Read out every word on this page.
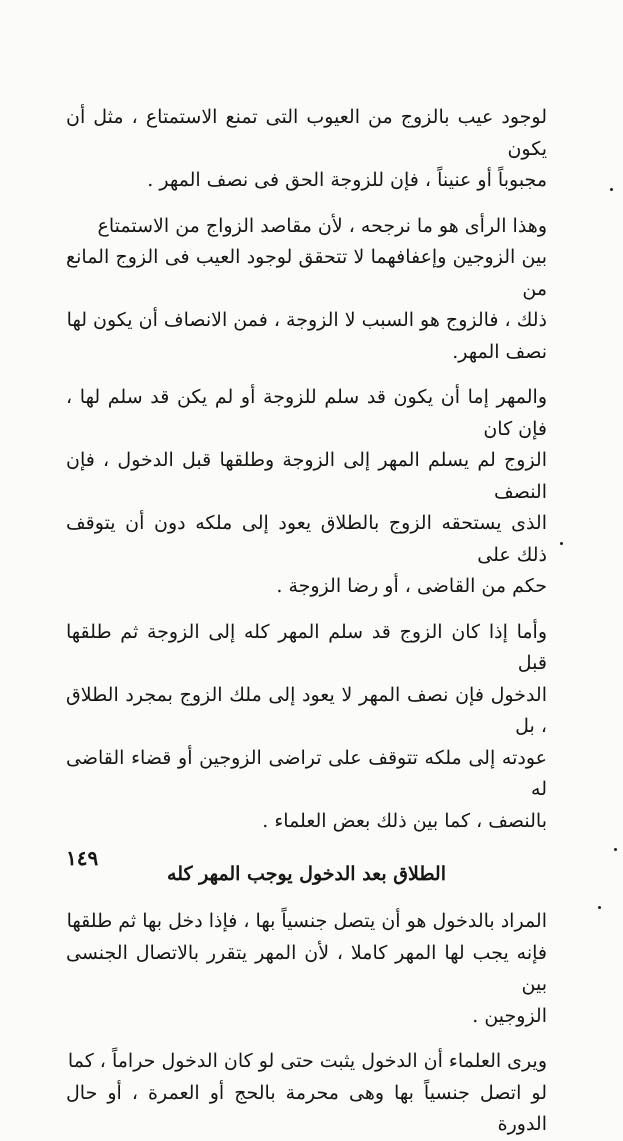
لوجود عيب بالزوج من العيوب التى تمنع الاستمتاع ، مثل أن يكون
مجبوباً أو عنيناً ، فإن للزوجة الحق فى نصف المهر .

وهذا الرأى هو ما نرجحه ، لأن مقاصد الزواج من الاستمتاع
بين الزوجين وإعفافهما لا تتحقق لوجود العيب فى الزوج المانع من
ذلك ، فالزوج هو السبب لا الزوجة ، فمن الانصاف أن يكون لها
نصف المهر.

والمهر إما أن يكون قد سلم للزوجة أو لم يكن قد سلم لها ، فإن كان
الزوج لم يسلم المهر إلى الزوجة وطلقها قبل الدخول ، فإن النصف
الذى يستحقه الزوج بالطلاق يعود إلى ملكه دون أن يتوقف ذلك على
حكم من القاضى ، أو رضا الزوجة .

وأما إذا كان الزوج قد سلم المهر كله إلى الزوجة ثم طلقها قبل
الدخول فإن نصف المهر لا يعود إلى ملك الزوج بمجرد الطلاق ، بل
عودته إلى ملكه تتوقف على تراضى الزوجين أو قضاء القاضى له
بالنصف ، كما بين ذلك بعض العلماء .

الطلاق بعد الدخول يوجب المهر كله

المراد بالدخول هو أن يتصل جنسياً بها ، فإذا دخل بها ثم طلقها
فإنه يجب لها المهر كاملا ، لأن المهر يتقرر بالاتصال الجنسى بين
الزوجين .

ويرى العلماء أن الدخول يثبت حتى لو كان الدخول حراماً ، كما
لو اتصل جنسياً بها وهى محرمة بالحج أو العمرة ، أو حال الدورة

١٤٩
